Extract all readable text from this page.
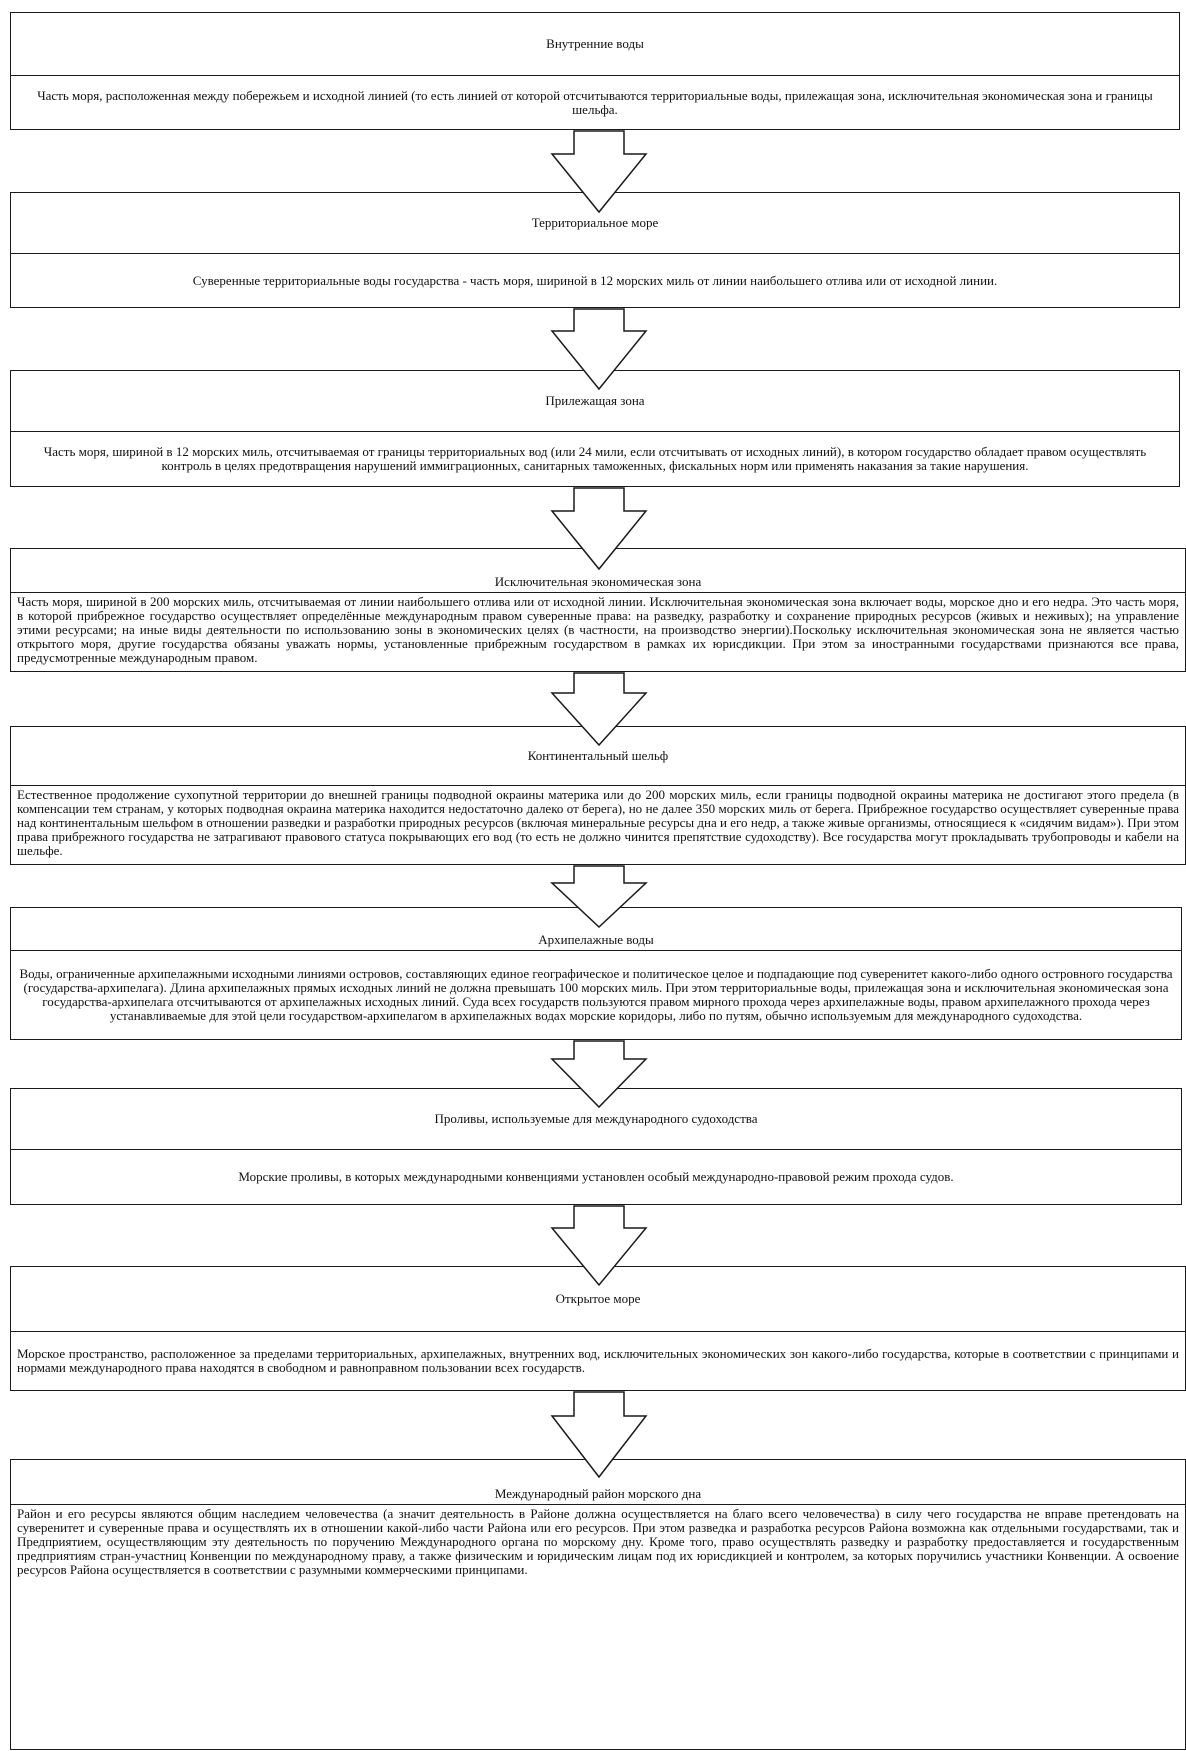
Внутренние воды
Часть моря, расположенная между побережьем и исходной линией (то есть линией от которой отсчитываются территориальные воды, прилежащая зона, исключительная экономическая зона и границы шельфа.
Территориальное море
Суверенные территориальные воды государства - часть моря, шириной в 12 морских миль от линии наибольшего отлива или от исходной линии.
Прилежащая зона
Часть моря, шириной в 12 морских миль, отсчитываемая от границы территориальных вод (или 24 мили, если отсчитывать от исходных линий), в котором государство обладает правом осуществлять контроль в целях предотвращения нарушений иммиграционных, санитарных таможенных, фискальных норм или применять наказания за такие нарушения.
Исключительная экономическая зона
Часть моря, шириной в 200 морских миль, отсчитываемая от линии наибольшего отлива или от исходной линии. Исключительная экономическая зона включает воды, морское дно и его недра. Это часть моря, в которой прибрежное государство осуществляет определённые международным правом суверенные права: на разведку, разработку и сохранение природных ресурсов (живых и неживых); на управление этими ресурсами; на иные виды деятельности по использованию зоны в экономических целях (в частности, на производство энергии).Поскольку исключительная экономическая зона не является частью открытого моря, другие государства обязаны уважать нормы, установленные прибрежным государством в рамках их юрисдикции. При этом за иностранными государствами признаются все права, предусмотренные международным правом.
Континентальный шельф
Естественное продолжение сухопутной территории до внешней границы подводной окраины материка или до 200 морских миль, если границы подводной окраины материка не достигают этого предела (в компенсации тем странам, у которых подводная окраина материка находится недостаточно далеко от берега), но не далее 350 морских миль от берега. Прибрежное государство осуществляет суверенные права над континентальным шельфом в отношении разведки и разработки природных ресурсов (включая минеральные ресурсы дна и его недр, а также живые организмы, относящиеся к «сидячим видам»). При этом права прибрежного государства не затрагивают правового статуса покрывающих его вод (то есть не должно чинится препятствие судоходству). Все государства могут прокладывать трубопроводы и кабели на шельфе.
Архипелажные воды
Воды, ограниченные архипелажными исходными линиями островов, составляющих единое географическое и политическое целое и подпадающие под суверенитет какого-либо одного островного государства (государства-архипелага). Длина архипелажных прямых исходных линий не должна превышать 100 морских миль. При этом территориальные воды, прилежащая зона и исключительная экономическая зона государства-архипелага отсчитываются от архипелажных исходных линий. Суда всех государств пользуются правом мирного прохода через архипелажные воды, правом архипелажного прохода через устанавливаемые для этой цели государством-архипелагом в архипелажных водах морские коридоры, либо по путям, обычно используемым для международного судоходства.
Проливы, используемые для международного судоходства
Морские проливы, в которых международными конвенциями установлен особый международно-правовой режим прохода судов.
Открытое море
Морское пространство, расположенное за пределами территориальных, архипелажных, внутренних вод, исключительных экономических зон какого-либо государства, которые в соответствии с принципами и нормами международного права находятся в свободном и равноправном пользовании всех государств.
Международный район морского дна
Район и его ресурсы являются общим наследием человечества (а значит деятельность в Районе должна осуществляется на благо всего человечества) в силу чего государства не вправе претендовать на суверенитет и суверенные права и осуществлять их в отношении какой-либо части Района или его ресурсов. При этом разведка и разработка ресурсов Района возможна как отдельными государствами, так и Предприятием, осуществляющим эту деятельность по поручению Международного органа по морскому дну. Кроме того, право осуществлять разведку и разработку предоставляется и государственным предприятиям стран-участниц Конвенции по международному праву, а также физическим и юридическим лицам под их юрисдикцией и контролем, за которых поручились участники Конвенции. А освоение ресурсов Района осуществляется в соответствии с разумными коммерческими принципами.
